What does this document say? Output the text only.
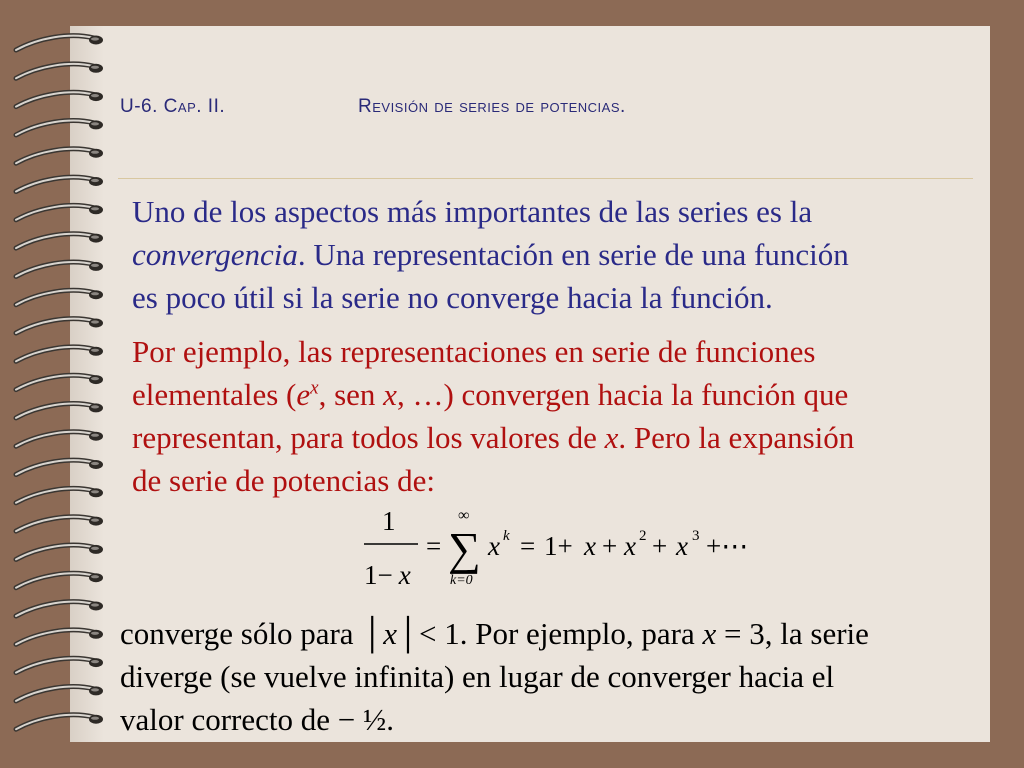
U-6. Cap. II.	Revisión de series de potencias.
Uno de los aspectos más importantes de las series es la
convergencia. Una representación en serie de una función
es poco útil si la serie no converge hacia la función.
Por ejemplo, las representaciones en serie de funciones
elementales ($e^x$, sen x, …) convergen hacia la función que
representan, para todos los valores de x. Pero la expansión
de serie de potencias de:
1
1− x
=
∞
∑
k=0
x k = 1+ x + x 2 + x 3 +⋯
converge sólo para │x│< 1. Por ejemplo, para x = 3, la serie
diverge (se vuelve infinita) en lugar de converger hacia el
valor correcto de − ½.
